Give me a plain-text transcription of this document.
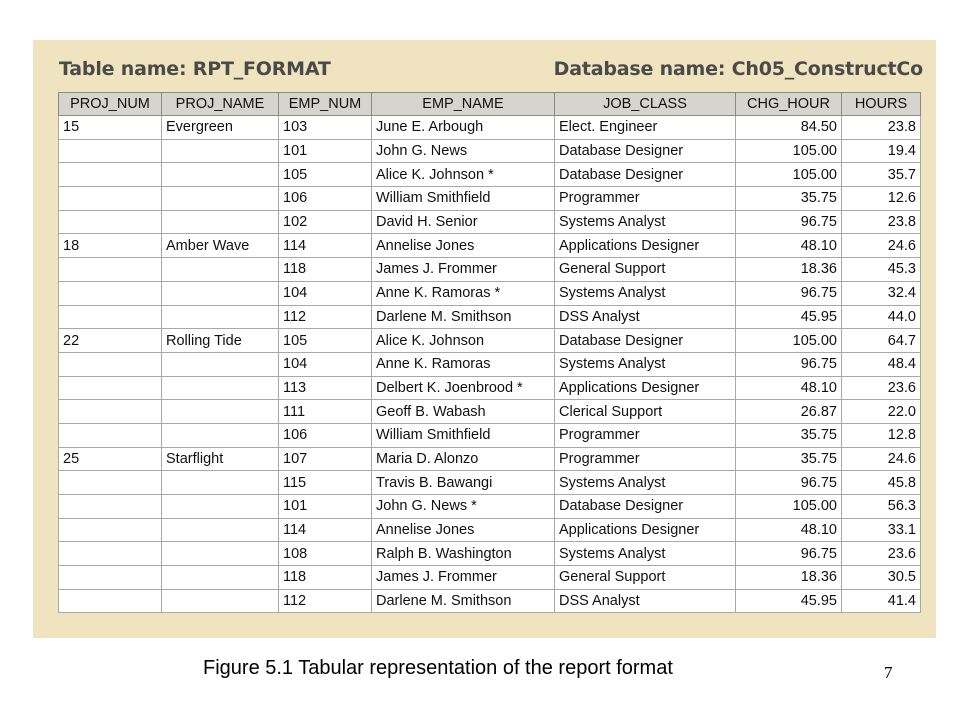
Table name: RPT_FORMAT	Database name: Ch05_ConstructCo
PROJ_NUM	PROJ_NAME	EMP_NUM	EMP_NAME	JOB_CLASS	CHG_HOUR	HOURS
15	Evergreen	103	June E. Arbough	Elect. Engineer	84.50	23.8
		101	John G. News	Database Designer	105.00	19.4
		105	Alice K. Johnson *	Database Designer	105.00	35.7
		106	William Smithfield	Programmer	35.75	12.6
		102	David H. Senior	Systems Analyst	96.75	23.8
18	Amber Wave	114	Annelise Jones	Applications Designer	48.10	24.6
		118	James J. Frommer	General Support	18.36	45.3
		104	Anne K. Ramoras *	Systems Analyst	96.75	32.4
		112	Darlene M. Smithson	DSS Analyst	45.95	44.0
22	Rolling Tide	105	Alice K. Johnson	Database Designer	105.00	64.7
		104	Anne K. Ramoras	Systems Analyst	96.75	48.4
		113	Delbert K. Joenbrood *	Applications Designer	48.10	23.6
		111	Geoff B. Wabash	Clerical Support	26.87	22.0
		106	William Smithfield	Programmer	35.75	12.8
25	Starflight	107	Maria D. Alonzo	Programmer	35.75	24.6
		115	Travis B. Bawangi	Systems Analyst	96.75	45.8
		101	John G. News *	Database Designer	105.00	56.3
		114	Annelise Jones	Applications Designer	48.10	33.1
		108	Ralph B. Washington	Systems Analyst	96.75	23.6
		118	James J. Frommer	General Support	18.36	30.5
		112	Darlene M. Smithson	DSS Analyst	45.95	41.4
Figure 5.1 Tabular representation of the report format	7
